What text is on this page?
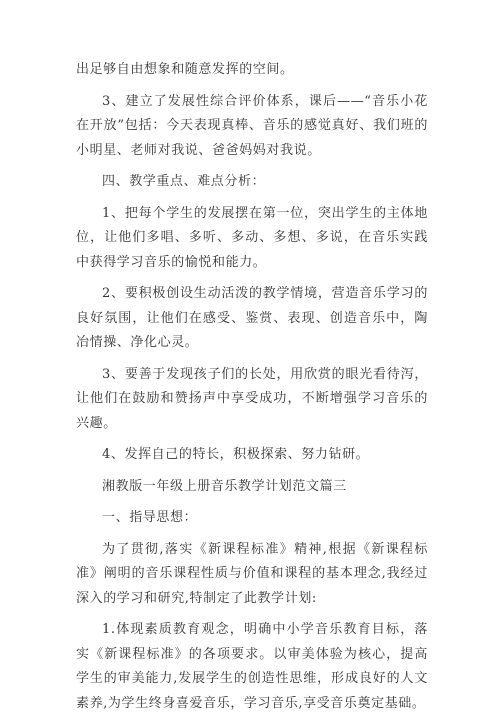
出足够自由想象和随意发挥的空间。

3、建立了发展性综合评价体系，课后——“音乐小花在开放”包括：今天表现真棒、音乐的感觉真好、我们班的小明星、老师对我说、爸爸妈妈对我说。

四、教学重点、难点分析：

1、把每个学生的发展摆在第一位，突出学生的主体地位，让他们多唱、多听、多动、多想、多说，在音乐实践中获得学习音乐的愉悦和能力。

2、要积极创设生动活泼的教学情境，营造音乐学习的良好氛围，让他们在感受、鉴赏、表现、创造音乐中，陶冶情操、净化心灵。

3、要善于发现孩子们的长处，用欣赏的眼光看待泻，让他们在鼓励和赞扬声中享受成功，不断增强学习音乐的兴趣。

4、发挥自己的特长，积极探索、努力钻研。

湘教版一年级上册音乐教学计划范文篇三

一、指导思想：

为了贯彻,落实《新课程标准》精神,根据《新课程标准》阐明的音乐课程性质与价值和课程的基本理念,我经过深入的学习和研究,特制定了此教学计划:

1.体现素质教育观念，明确中小学音乐教育目标，落实《新课程标准》的各项要求。以审美体验为核心，提高学生的审美能力,发展学生的创造性思维，形成良好的人文素养,为学生终身喜爱音乐，学习音乐,享受音乐奠定基础。
